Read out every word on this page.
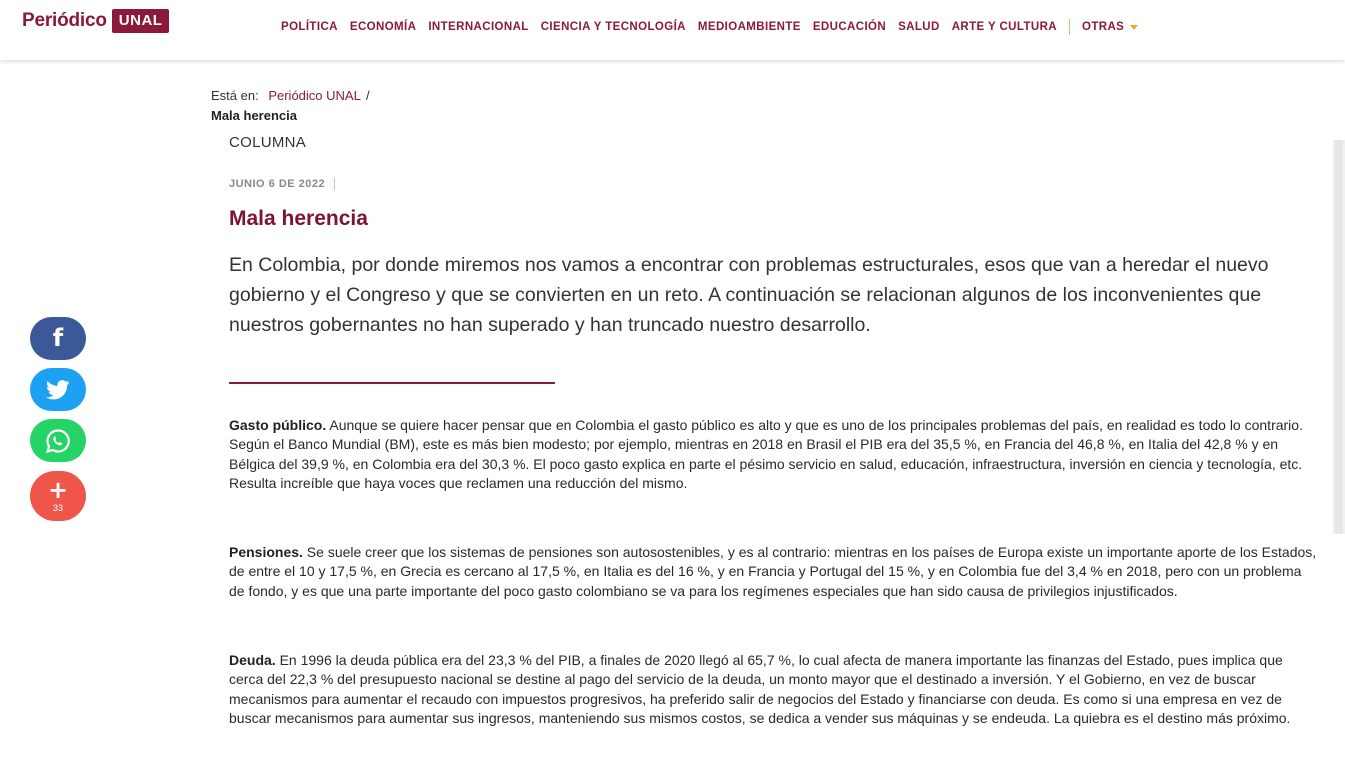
Periódico UNAL	POLÍTICA ECONOMÍA INTERNACIONAL CIENCIA Y TECNOLOGÍA MEDIOAMBIENTE EDUCACIÓN SALUD ARTE Y CULTURA OTRAS
Está en: Periódico UNAL /
Mala herencia
COLUMNA
JUNIO 6 DE 2022
Mala herencia

En Colombia, por donde miremos nos vamos a encontrar con problemas estructurales, esos que van a heredar el nuevo gobierno y el Congreso y que se convierten en un reto. A continuación se relacionan algunos de los inconvenientes que nuestros gobernantes no han superado y han truncado nuestro desarrollo.

Gasto público. Aunque se quiere hacer pensar que en Colombia el gasto público es alto y que es uno de los principales problemas del país, en realidad es todo lo contrario. Según el Banco Mundial (BM), este es más bien modesto; por ejemplo, mientras en 2018 en Brasil el PIB era del 35,5 %, en Francia del 46,8 %, en Italia del 42,8 % y en Bélgica del 39,9 %, en Colombia era del 30,3 %. El poco gasto explica en parte el pésimo servicio en salud, educación, infraestructura, inversión en ciencia y tecnología, etc. Resulta increíble que haya voces que reclamen una reducción del mismo.

Pensiones. Se suele creer que los sistemas de pensiones son autosostenibles, y es al contrario: mientras en los países de Europa existe un importante aporte de los Estados, de entre el 10 y 17,5 %, en Grecia es cercano al 17,5 %, en Italia es del 16 %, y en Francia y Portugal del 15 %, y en Colombia fue del 3,4 % en 2018, pero con un problema de fondo, y es que una parte importante del poco gasto colombiano se va para los regímenes especiales que han sido causa de privilegios injustificados.

Deuda. En 1996 la deuda pública era del 23,3 % del PIB, a finales de 2020 llegó al 65,7 %, lo cual afecta de manera importante las finanzas del Estado, pues implica que cerca del 22,3 % del presupuesto nacional se destine al pago del servicio de la deuda, un monto mayor que el destinado a inversión. Y el Gobierno, en vez de buscar mecanismos para aumentar el recaudo con impuestos progresivos, ha preferido salir de negocios del Estado y financiarse con deuda. Es como si una empresa en vez de buscar mecanismos para aumentar sus ingresos, manteniendo sus mismos costos, se dedica a vender sus máquinas y se endeuda. La quiebra es el destino más próximo.

f
+
33
